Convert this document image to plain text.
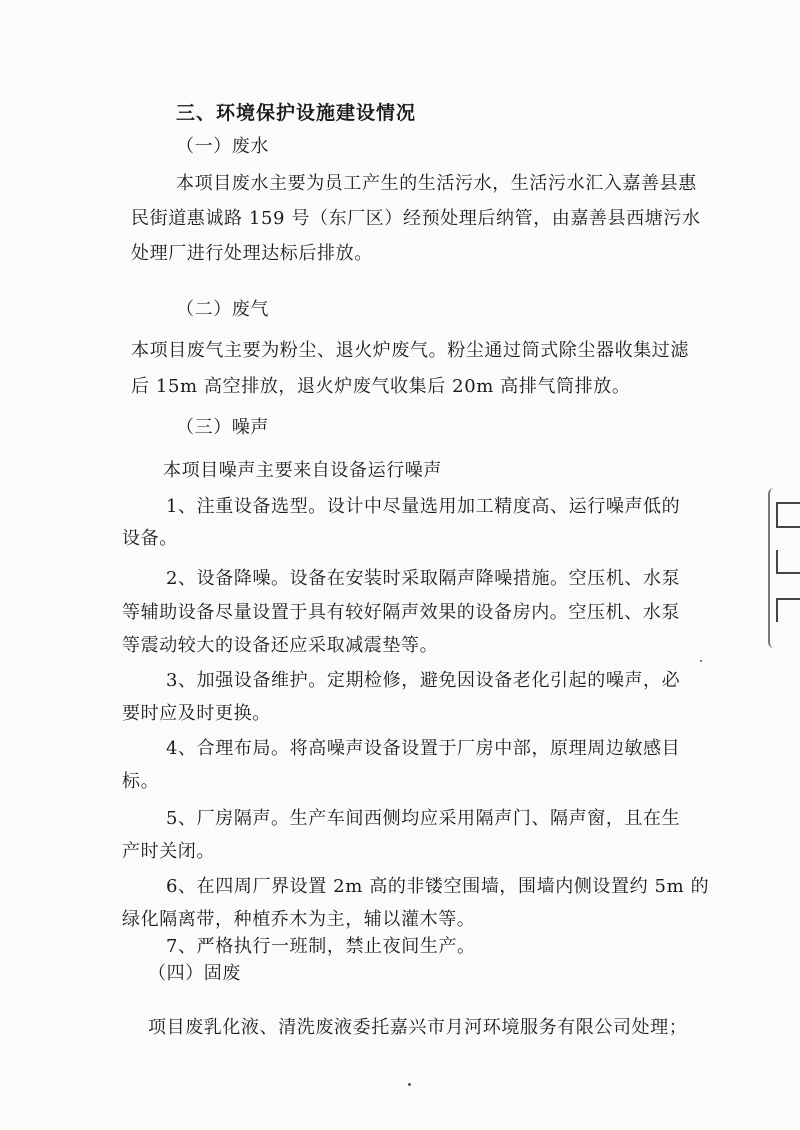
三、环境保护设施建设情况
（一）废水
本项目废水主要为员工产生的生活污水，生活污水汇入嘉善县惠
民街道惠诚路 159 号（东厂区）经预处理后纳管，由嘉善县西塘污水
处理厂进行处理达标后排放。
（二）废气
本项目废气主要为粉尘、退火炉废气。粉尘通过筒式除尘器收集过滤
后 15m 高空排放，退火炉废气收集后 20m 高排气筒排放。
（三）噪声
本项目噪声主要来自设备运行噪声
1、注重设备选型。设计中尽量选用加工精度高、运行噪声低的
设备。
2、设备降噪。设备在安装时采取隔声降噪措施。空压机、水泵
等辅助设备尽量设置于具有较好隔声效果的设备房内。空压机、水泵
等震动较大的设备还应采取减震垫等。
3、加强设备维护。定期检修，避免因设备老化引起的噪声，必
要时应及时更换。
4、合理布局。将高噪声设备设置于厂房中部，原理周边敏感目
标。
5、厂房隔声。生产车间西侧均应采用隔声门、隔声窗，且在生
产时关闭。
6、在四周厂界设置 2m 高的非镂空围墙，围墙内侧设置约 5m 的
绿化隔离带，种植乔木为主，辅以灌木等。
7、严格执行一班制，禁止夜间生产。
（四）固废
项目废乳化液、清洗废液委托嘉兴市月河环境服务有限公司处理；
